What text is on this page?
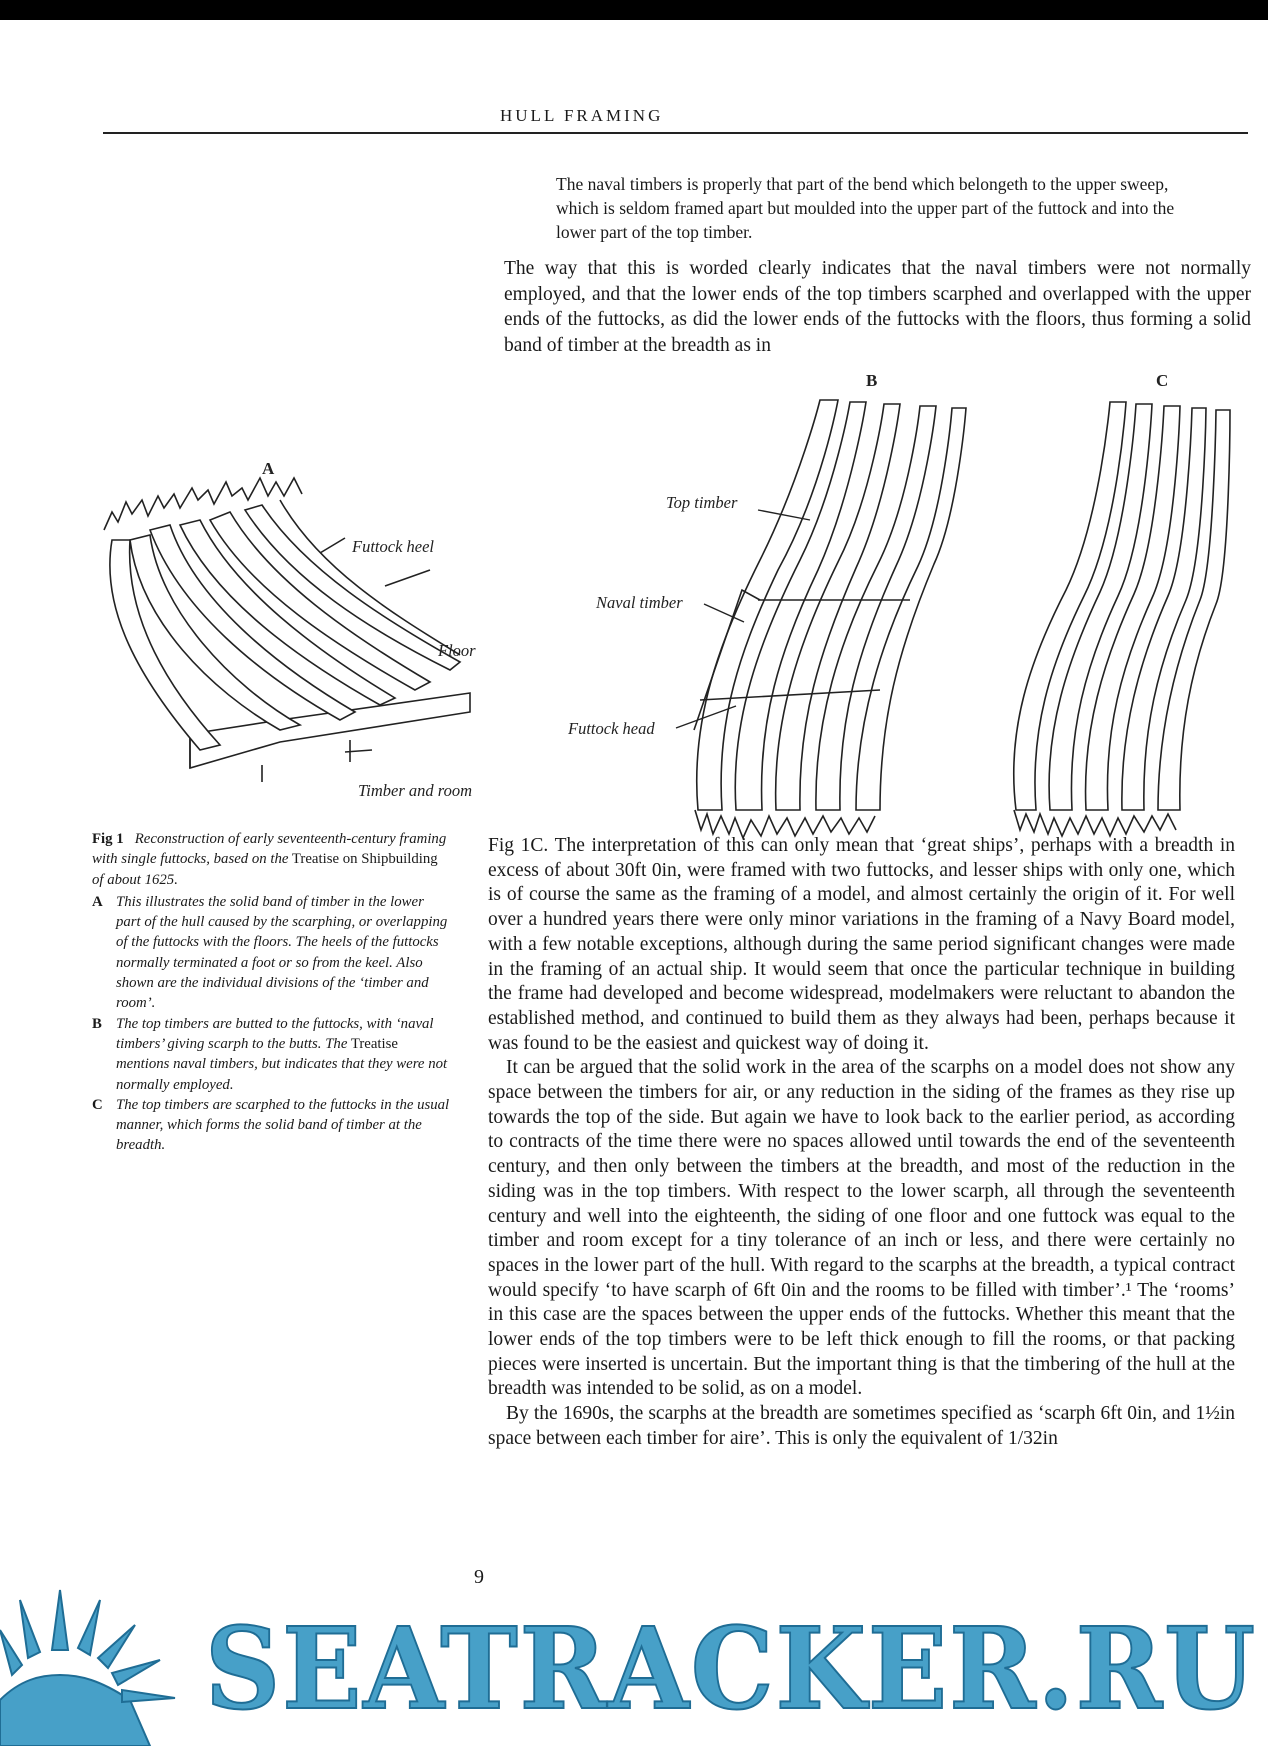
HULL FRAMING
The naval timbers is properly that part of the bend which belongeth to the upper sweep, which is seldom framed apart but moulded into the upper part of the futtock and into the lower part of the top timber.
The way that this is worded clearly indicates that the naval timbers were not normally employed, and that the lower ends of the top timbers scarphed and overlapped with the upper ends of the futtocks, as did the lower ends of the futtocks with the floors, thus forming a solid band of timber at the breadth as in
A
Futtock heel
Floor
Timber and room
B
Top timber
Naval timber
Futtock head
C
Fig 1 Reconstruction of early seventeenth-century framing with single futtocks, based on the Treatise on Shipbuilding of about 1625.
A This illustrates the solid band of timber in the lower part of the hull caused by the scarphing, or overlapping of the futtocks with the floors. The heels of the futtocks normally terminated a foot or so from the keel. Also shown are the individual divisions of the ‘timber and room’.
B The top timbers are butted to the futtocks, with ‘naval timbers’ giving scarph to the butts. The Treatise mentions naval timbers, but indicates that they were not normally employed.
C The top timbers are scarphed to the futtocks in the usual manner, which forms the solid band of timber at the breadth.

Fig 1C. The interpretation of this can only mean that ‘great ships’, perhaps with a breadth in excess of about 30ft 0in, were framed with two futtocks, and lesser ships with only one, which is of course the same as the framing of a model, and almost certainly the origin of it. For well over a hundred years there were only minor variations in the framing of a Navy Board model, with a few notable exceptions, although during the same period significant changes were made in the framing of an actual ship. It would seem that once the particular technique in building the frame had developed and become widespread, modelmakers were reluctant to abandon the established method, and continued to build them as they always had been, perhaps because it was found to be the easiest and quickest way of doing it.

It can be argued that the solid work in the area of the scarphs on a model does not show any space between the timbers for air, or any reduction in the siding of the frames as they rise up towards the top of the side. But again we have to look back to the earlier period, as according to contracts of the time there were no spaces allowed until towards the end of the seventeenth century, and then only between the timbers at the breadth, and most of the reduction in the siding was in the top timbers. With respect to the lower scarph, all through the seventeenth century and well into the eighteenth, the siding of one floor and one futtock was equal to the timber and room except for a tiny tolerance of an inch or less, and there were certainly no spaces in the lower part of the hull. With regard to the scarphs at the breadth, a typical contract would specify ‘to have scarph of 6ft 0in and the rooms to be filled with timber’.¹ The ‘rooms’ in this case are the spaces between the upper ends of the futtocks. Whether this meant that the lower ends of the top timbers were to be left thick enough to fill the rooms, or that packing pieces were inserted is uncertain. But the important thing is that the timbering of the hull at the breadth was intended to be solid, as on a model.

By the 1690s, the scarphs at the breadth are sometimes specified as ‘scarph 6ft 0in, and 1½in space between each timber for aire’. This is only the equivalent of 1/32in

9
SEATRACKER.RU
